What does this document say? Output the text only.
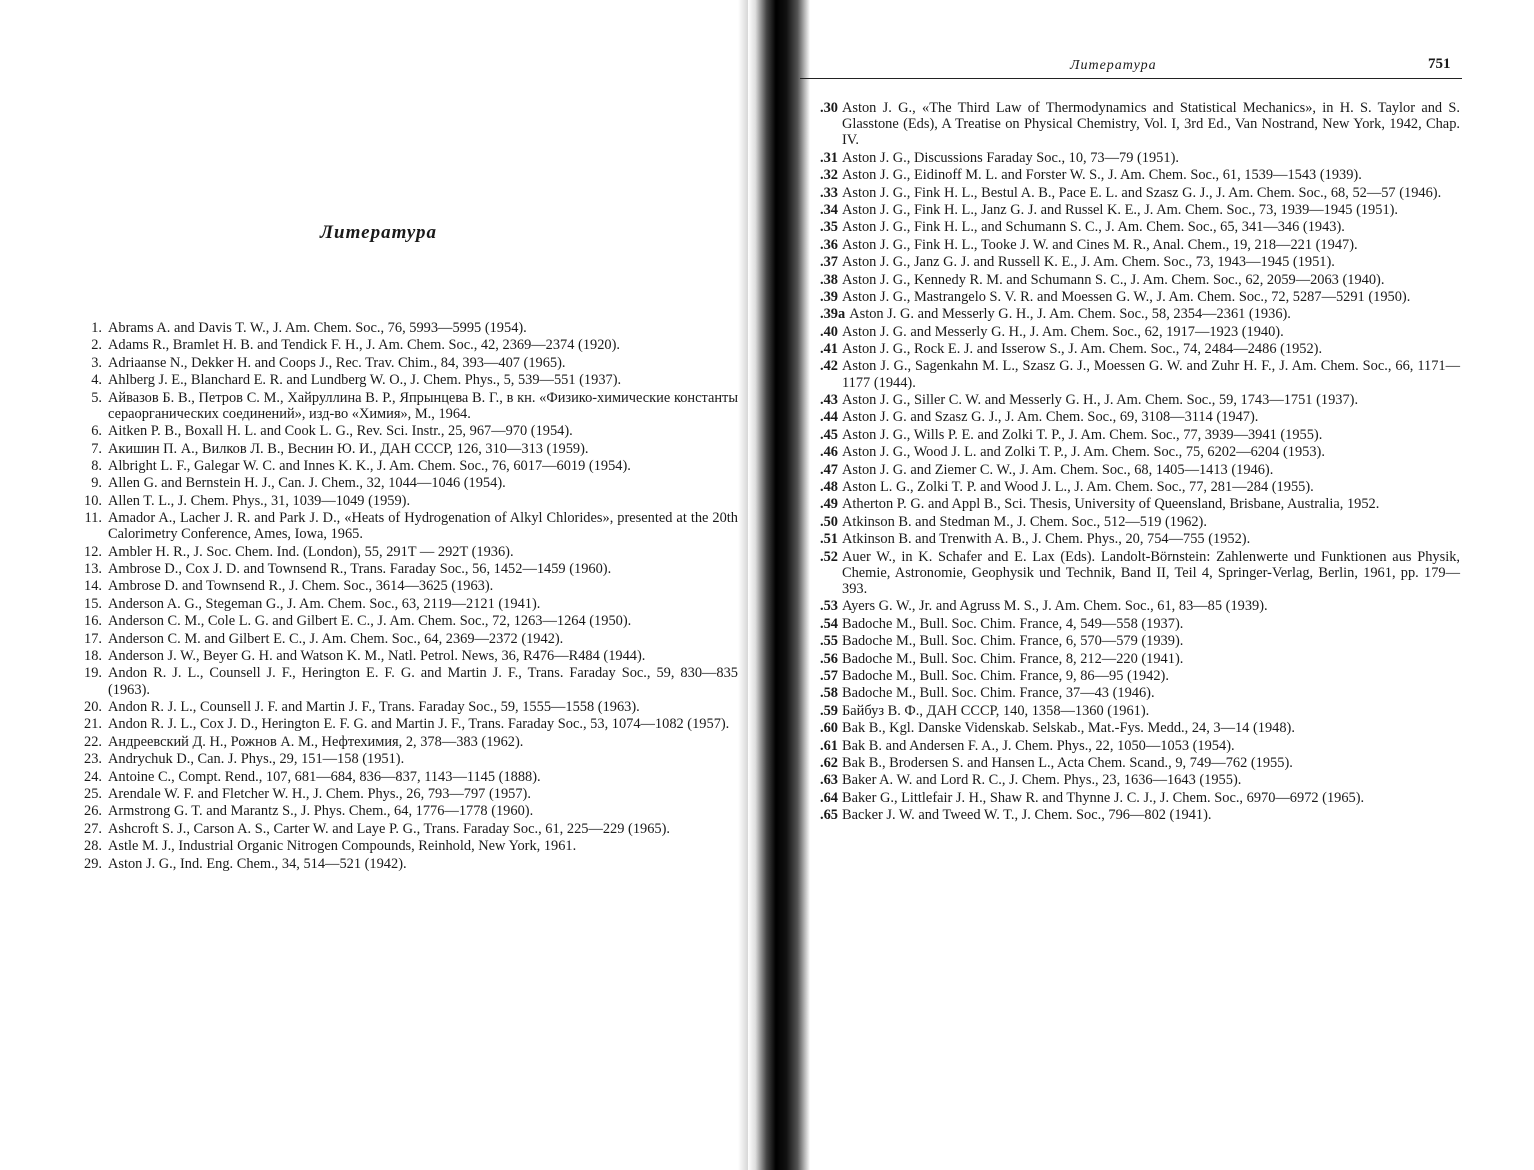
Литература
1. Abrams A. and Davis T. W., J. Am. Chem. Soc., 76, 5993—5995 (1954).
2. Adams R., Bramlet H. B. and Tendick F. H., J. Am. Chem. Soc., 42, 2369—2374 (1920).
3. Adriaanse N., Dekker H. and Coops J., Rec. Trav. Chim., 84, 393—407 (1965).
4. Ahlberg J. E., Blanchard E. R. and Lundberg W. O., J. Chem. Phys., 5, 539—551 (1937).
5. Айвазов Б. В., Петров С. М., Хайруллина В. Р., Япрынцева В. Г., в кн. «Физико-химические константы сераорганических соединений», изд-во «Химия», М., 1964.
6. Aitken P. B., Boxall H. L. and Cook L. G., Rev. Sci. Instr., 25, 967—970 (1954).
7. Акишин П. А., Вилков Л. В., Веснин Ю. И., ДАН СССР, 126, 310—313 (1959).
8. Albright L. F., Galegar W. C. and Innes K. K., J. Am. Chem. Soc., 76, 6017—6019 (1954).
9. Allen G. and Bernstein H. J., Can. J. Chem., 32, 1044—1046 (1954).
10. Allen T. L., J. Chem. Phys., 31, 1039—1049 (1959).
11. Amador A., Lacher J. R. and Park J. D., «Heats of Hydrogenation of Alkyl Chlorides», presented at the 20th Calorimetry Conference, Ames, Iowa, 1965.
12. Ambler H. R., J. Soc. Chem. Ind. (London), 55, 291T — 292T (1936).
13. Ambrose D., Cox J. D. and Townsend R., Trans. Faraday Soc., 56, 1452—1459 (1960).
14. Ambrose D. and Townsend R., J. Chem. Soc., 3614—3625 (1963).
15. Anderson A. G., Stegeman G., J. Am. Chem. Soc., 63, 2119—2121 (1941).
16. Anderson C. M., Cole L. G. and Gilbert E. C., J. Am. Chem. Soc., 72, 1263—1264 (1950).
17. Anderson C. M. and Gilbert E. C., J. Am. Chem. Soc., 64, 2369—2372 (1942).
18. Anderson J. W., Beyer G. H. and Watson K. M., Natl. Petrol. News, 36, R476—R484 (1944).
19. Andon R. J. L., Counsell J. F., Herington E. F. G. and Martin J. F., Trans. Faraday Soc., 59, 830—835 (1963).
20. Andon R. J. L., Counsell J. F. and Martin J. F., Trans. Faraday Soc., 59, 1555—1558 (1963).
21. Andon R. J. L., Cox J. D., Herington E. F. G. and Martin J. F., Trans. Faraday Soc., 53, 1074—1082 (1957).
22. Андреевский Д. Н., Рожнов А. М., Нефтехимия, 2, 378—383 (1962).
23. Andrychuk D., Can. J. Phys., 29, 151—158 (1951).
24. Antoine C., Compt. Rend., 107, 681—684, 836—837, 1143—1145 (1888).
25. Arendale W. F. and Fletcher W. H., J. Chem. Phys., 26, 793—797 (1957).
26. Armstrong G. T. and Marantz S., J. Phys. Chem., 64, 1776—1778 (1960).
27. Ashcroft S. J., Carson A. S., Carter W. and Laye P. G., Trans. Faraday Soc., 61, 225—229 (1965).
28. Astle M. J., Industrial Organic Nitrogen Compounds, Reinhold, New York, 1961.
29. Aston J. G., Ind. Eng. Chem., 34, 514—521 (1942).
Литература	751
30. Aston J. G., «The Third Law of Thermodynamics and Statistical Mechanics», in H. S. Taylor and S. Glasstone (Eds), A Treatise on Physical Chemistry, Vol. I, 3rd Ed., Van Nostrand, New York, 1942, Chap. IV.
31. Aston J. G., Discussions Faraday Soc., 10, 73—79 (1951).
32. Aston J. G., Eidinoff M. L. and Forster W. S., J. Am. Chem. Soc., 61, 1539—1543 (1939).
33. Aston J. G., Fink H. L., Bestul A. B., Pace E. L. and Szasz G. J., J. Am. Chem. Soc., 68, 52—57 (1946).
34. Aston J. G., Fink H. L., Janz G. J. and Russel K. E., J. Am. Chem. Soc., 73, 1939—1945 (1951).
35. Aston J. G., Fink H. L., and Schumann S. C., J. Am. Chem. Soc., 65, 341—346 (1943).
36. Aston J. G., Fink H. L., Tooke J. W. and Cines M. R., Anal. Chem., 19, 218—221 (1947).
37. Aston J. G., Janz G. J. and Russell K. E., J. Am. Chem. Soc., 73, 1943—1945 (1951).
38. Aston J. G., Kennedy R. M. and Schumann S. C., J. Am. Chem. Soc., 62, 2059—2063 (1940).
39. Aston J. G., Mastrangelo S. V. R. and Moessen G. W., J. Am. Chem. Soc., 72, 5287—5291 (1950).
39a. Aston J. G. and Messerly G. H., J. Am. Chem. Soc., 58, 2354—2361 (1936).
40. Aston J. G. and Messerly G. H., J. Am. Chem. Soc., 62, 1917—1923 (1940).
41. Aston J. G., Rock E. J. and Isserow S., J. Am. Chem. Soc., 74, 2484—2486 (1952).
42. Aston J. G., Sagenkahn M. L., Szasz G. J., Moessen G. W. and Zuhr H. F., J. Am. Chem. Soc., 66, 1171—1177 (1944).
43. Aston J. G., Siller C. W. and Messerly G. H., J. Am. Chem. Soc., 59, 1743—1751 (1937).
44. Aston J. G. and Szasz G. J., J. Am. Chem. Soc., 69, 3108—3114 (1947).
45. Aston J. G., Wills P. E. and Zolki T. P., J. Am. Chem. Soc., 77, 3939—3941 (1955).
46. Aston J. G., Wood J. L. and Zolki T. P., J. Am. Chem. Soc., 75, 6202—6204 (1953).
47. Aston J. G. and Ziemer C. W., J. Am. Chem. Soc., 68, 1405—1413 (1946).
48. Aston L. G., Zolki T. P. and Wood J. L., J. Am. Chem. Soc., 77, 281—284 (1955).
49. Atherton P. G. and Appl B., Sci. Thesis, University of Queensland, Brisbane, Australia, 1952.
50. Atkinson B. and Stedman M., J. Chem. Soc., 512—519 (1962).
51. Atkinson B. and Trenwith A. B., J. Chem. Phys., 20, 754—755 (1952).
52. Auer W., in K. Schafer and E. Lax (Eds). Landolt-Börnstein: Zahlenwerte und Funktionen aus Physik, Chemie, Astronomie, Geophysik und Technik, Band II, Teil 4, Springer-Verlag, Berlin, 1961, pp. 179—393.
53. Ayers G. W., Jr. and Agruss M. S., J. Am. Chem. Soc., 61, 83—85 (1939).
54. Badoche M., Bull. Soc. Chim. France, 4, 549—558 (1937).
55. Badoche M., Bull. Soc. Chim. France, 6, 570—579 (1939).
56. Badoche M., Bull. Soc. Chim. France, 8, 212—220 (1941).
57. Badoche M., Bull. Soc. Chim. France, 9, 86—95 (1942).
58. Badoche M., Bull. Soc. Chim. France, 37—43 (1946).
59. Байбуз В. Ф., ДАН СССР, 140, 1358—1360 (1961).
60. Bak B., Kgl. Danske Videnskab. Selskab., Mat.-Fys. Medd., 24, 3—14 (1948).
61. Bak B. and Andersen F. A., J. Chem. Phys., 22, 1050—1053 (1954).
62. Bak B., Brodersen S. and Hansen L., Acta Chem. Scand., 9, 749—762 (1955).
63. Baker A. W. and Lord R. C., J. Chem. Phys., 23, 1636—1643 (1955).
64. Baker G., Littlefair J. H., Shaw R. and Thynne J. C. J., J. Chem. Soc., 6970—6972 (1965).
65. Backer J. W. and Tweed W. T., J. Chem. Soc., 796—802 (1941).
